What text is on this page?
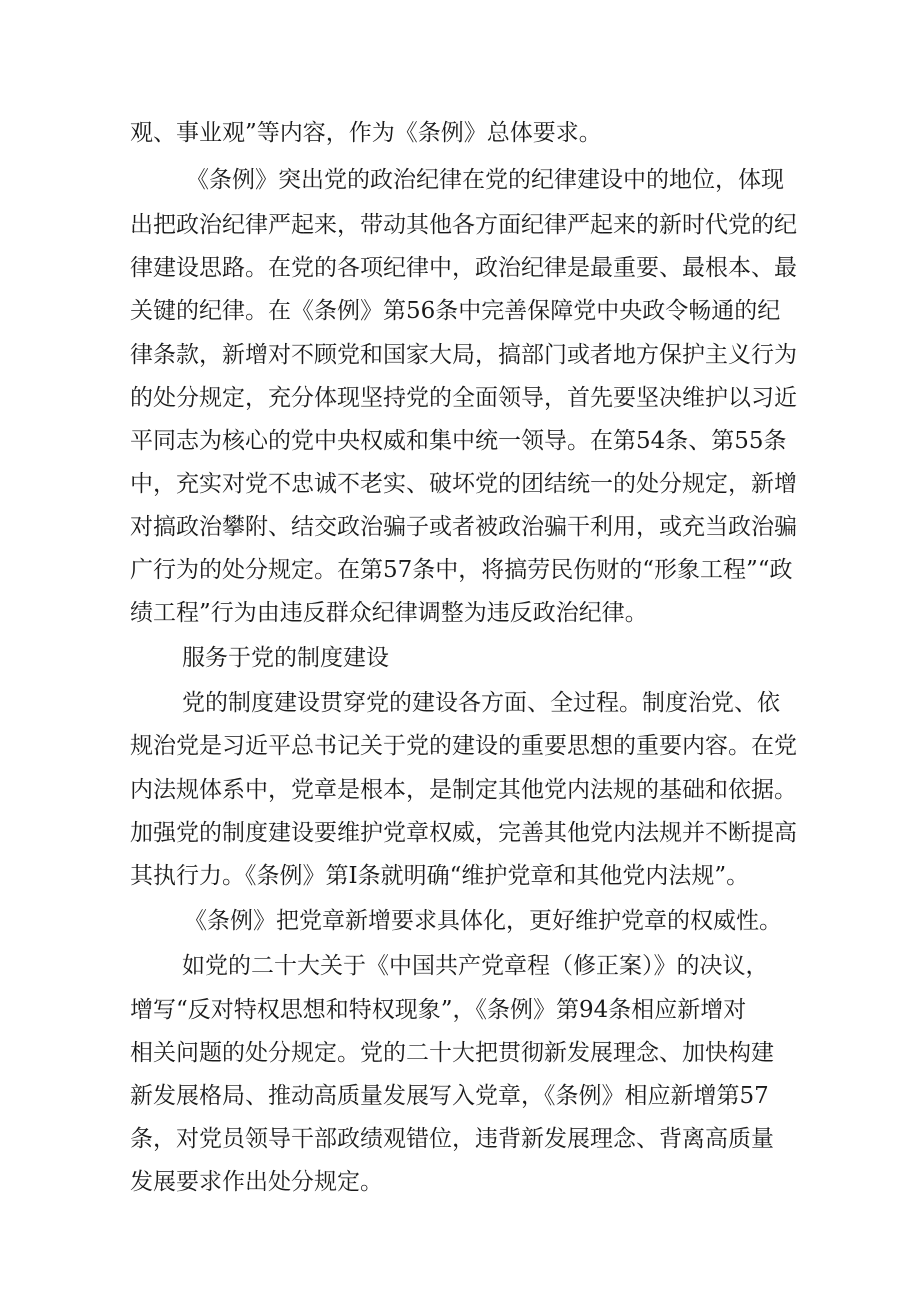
观、事业观”等内容，作为《条例》总体要求。
《条例》突出党的政治纪律在党的纪律建设中的地位，体现
出把政治纪律严起来，带动其他各方面纪律严起来的新时代党的纪
律建设思路。在党的各项纪律中，政治纪律是最重要、最根本、最
关键的纪律。在《条例》第56条中完善保障党中央政令畅通的纪
律条款，新增对不顾党和国家大局，搞部门或者地方保护主义行为
的处分规定，充分体现坚持党的全面领导，首先要坚决维护以习近
平同志为核心的党中央权威和集中统一领导。在第54条、第55条
中，充实对党不忠诚不老实、破坏党的团结统一的处分规定，新增
对搞政治攀附、结交政治骗子或者被政治骗干利用，或充当政治骗
广行为的处分规定。在第57条中，将搞劳民伤财的“形象工程”“政
绩工程”行为由违反群众纪律调整为违反政治纪律。
服务于党的制度建设
党的制度建设贯穿党的建设各方面、全过程。制度治党、依
规治党是习近平总书记关于党的建设的重要思想的重要内容。在党
内法规体系中，党章是根本，是制定其他党内法规的基础和依据。
加强党的制度建设要维护党章权威，完善其他党内法规并不断提高
其执行力。《条例》第I条就明确“维护党章和其他党内法规”。
《条例》把党章新增要求具体化，更好维护党章的权威性。
如党的二十大关于《中国共产党章程（修正案）》的决议，
增写“反对特权思想和特权现象”，《条例》第94条相应新增对
相关问题的处分规定。党的二十大把贯彻新发展理念、加快构建
新发展格局、推动高质量发展写入党章，《条例》相应新增第57
条，对党员领导干部政绩观错位，违背新发展理念、背离高质量
发展要求作出处分规定。
